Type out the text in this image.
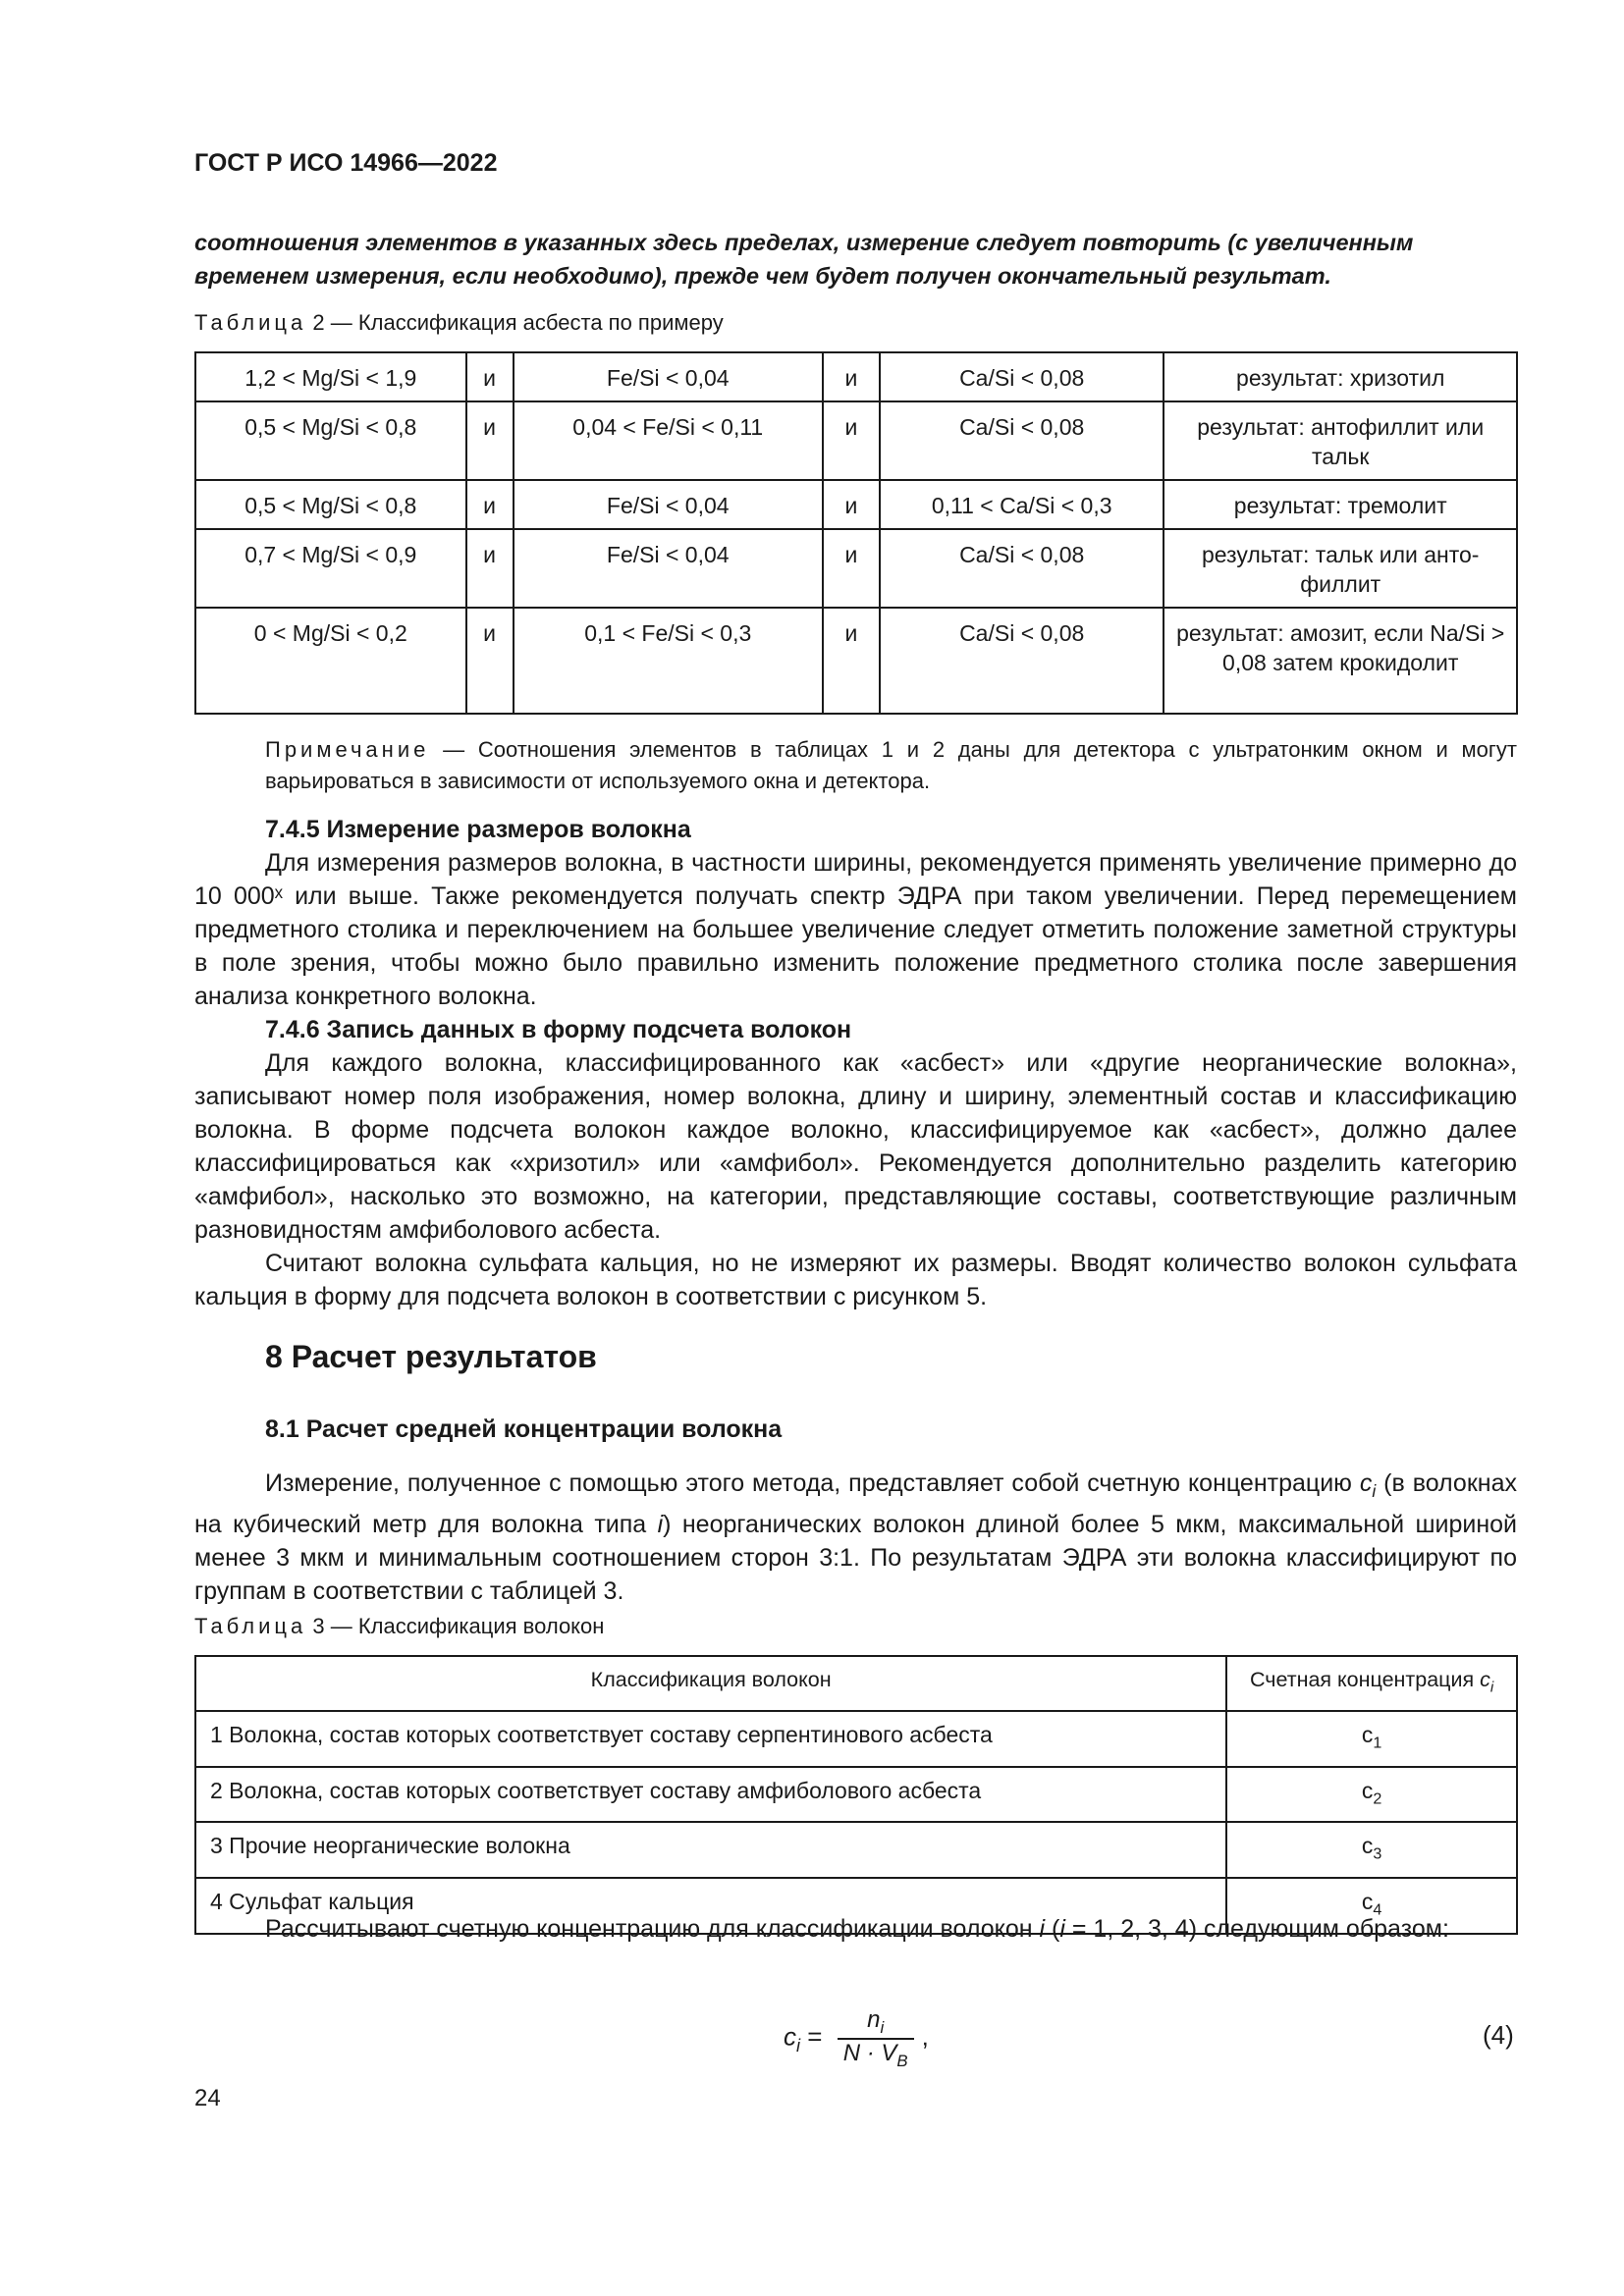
ГОСТ Р ИСО 14966—2022
соотношения элементов в указанных здесь пределах, измерение следует повторить (с увеличенным
временем измерения, если необходимо), прежде чем будет получен окончательный результат.
Таблица 2 — Классификация асбеста по примеру
1,2 < Mg/Si < 1,9	и	Fe/Si < 0,04	и	Ca/Si < 0,08	результат: хризотил
0,5 < Mg/Si < 0,8	и	0,04 < Fe/Si < 0,11	и	Ca/Si < 0,08	результат: антофиллит или тальк
0,5 < Mg/Si < 0,8	и	Fe/Si < 0,04	и	0,11 < Ca/Si < 0,3	результат: тремолит
0,7 < Mg/Si < 0,9	и	Fe/Si < 0,04	и	Ca/Si < 0,08	результат: тальк или анто-филлит
0 < Mg/Si < 0,2	и	0,1 < Fe/Si < 0,3	и	Ca/Si < 0,08	результат: амозит, если Na/Si > 0,08 затем крокидолит
Примечание — Соотношения элементов в таблицах 1 и 2 даны для детектора с ультратонким окном и могут варьироваться в зависимости от используемого окна и детектора.

7.4.5 Измерение размеров волокна

Для измерения размеров волокна, в частности ширины, рекомендуется применять увеличение примерно до 10 000ˣ или выше. Также рекомендуется получать спектр ЭДРА при таком увеличении. Перед перемещением предметного столика и переключением на большее увеличение следует отметить положение заметной структуры в поле зрения, чтобы можно было правильно изменить положение предметного столика после завершения анализа конкретного волокна.

7.4.6 Запись данных в форму подсчета волокон

Для каждого волокна, классифицированного как «асбест» или «другие неорганические волокна», записывают номер поля изображения, номер волокна, длину и ширину, элементный состав и классификацию волокна. В форме подсчета волокон каждое волокно, классифицируемое как «асбест», должно далее классифицироваться как «хризотил» или «амфибол». Рекомендуется дополнительно разделить категорию «амфибол», насколько это возможно, на категории, представляющие составы, соответствующие различным разновидностям амфиболового асбеста.

Считают волокна сульфата кальция, но не измеряют их размеры. Вводят количество волокон сульфата кальция в форму для подсчета волокон в соответствии с рисунком 5.

8 Расчет результатов
8.1 Расчет средней концентрации волокна

Измерение, полученное с помощью этого метода, представляет собой счетную концентрацию $c_i$ (в волокнах на кубический метр для волокна типа i) неорганических волокон длиной более 5 мкм, максимальной шириной менее 3 мкм и минимальным соотношением сторон 3:1. По результатам ЭДРА эти волокна классифицируют по группам в соответствии с таблицей 3.

Таблица 3 — Классификация волокон
Классификация волокон	Счетная концентрация $c_i$
1 Волокна, состав которых соответствует составу серпентинового асбеста	$c_1$
2 Волокна, состав которых соответствует составу амфиболового асбеста	$c_2$
3 Прочие неорганические волокна	$c_3$
4 Сульфат кальция	$c_4$

Рассчитывают счетную концентрацию для классификации волокон i (i = 1, 2, 3, 4) следующим образом:

$c_i = \frac{n_i}{N \cdot V_B}$ ,	(4)
24
